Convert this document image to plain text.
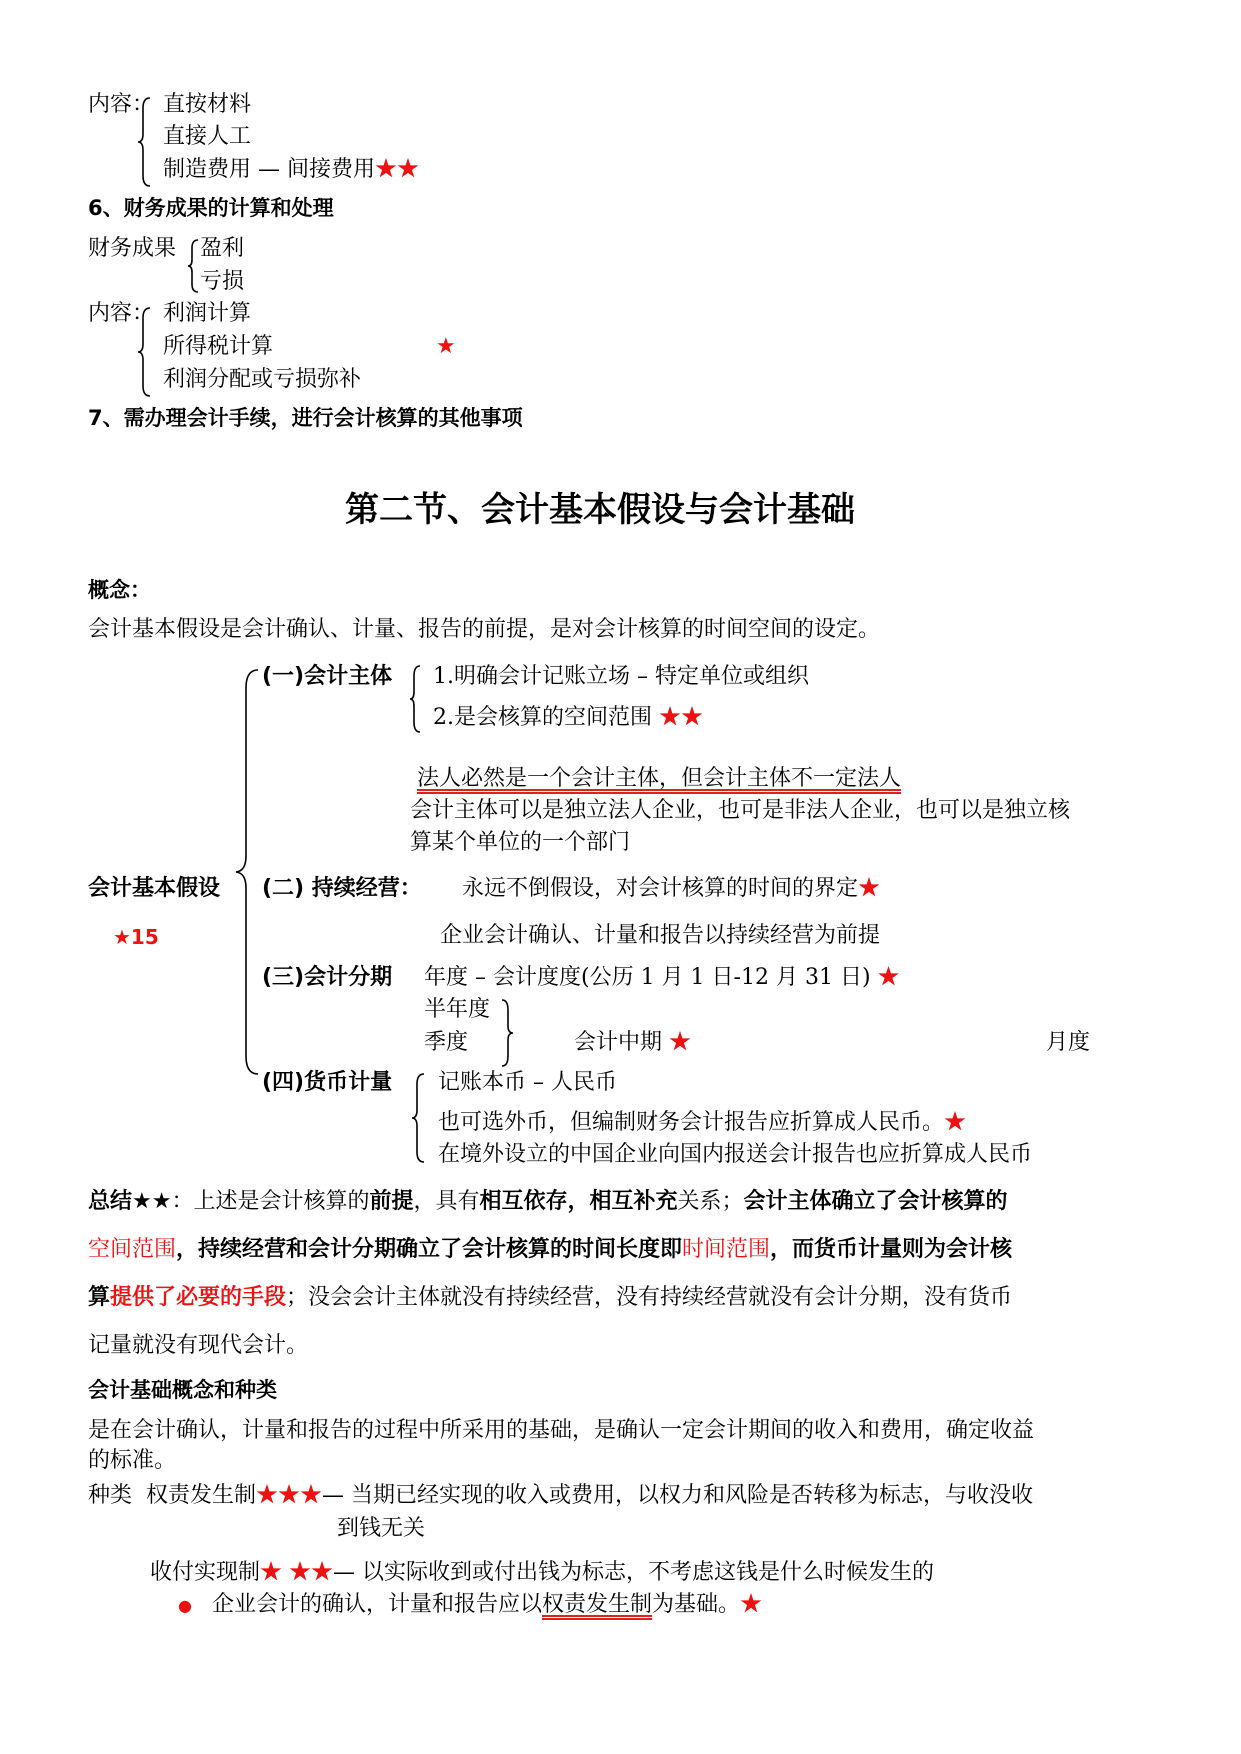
内容： 直按材料
直接人工
制造费用 — 间接费用★★
6、财务成果的计算和处理
财务成果 盈利
亏损
内容： 利润计算
所得税计算	★
利润分配或亏损弥补
7、需办理会计手续，进行会计核算的其他事项
第二节、会计基本假设与会计基础
概念：
会计基本假设是会计确认、计量、报告的前提，是对会计核算的时间空间的设定。
会计基本假设
★15
(一)会计主体 1.明确会计记账立场 – 特定单位或组织
2.是会核算的空间范围 ★★
法人必然是一个会计主体，但会计主体不一定法人
会计主体可以是独立法人企业，也可是非法人企业，也可以是独立核
算某个单位的一个部门
(二) 持续经营： 永远不倒假设，对会计核算的时间的界定★
企业会计确认、计量和报告以持续经营为前提
(三)会计分期 年度 – 会计度度(公历 1 月 1 日-12 月 31 日) ★
半年度
季度	会计中期 ★	月度
(四)货币计量 记账本币 – 人民币
也可选外币，但编制财务会计报告应折算成人民币。★
在境外设立的中国企业向国内报送会计报告也应折算成人民币
总结★★：上述是会计核算的前提，具有相互依存，相互补充关系；会计主体确立了会计核算的
空间范围，持续经营和会计分期确立了会计核算的时间长度即时间范围，而货币计量则为会计核
算提供了必要的手段；没会会计主体就没有持续经营，没有持续经营就没有会计分期，没有货币
记量就没有现代会计。
会计基础概念和种类
是在会计确认，计量和报告的过程中所采用的基础，是确认一定会计期间的收入和费用，确定收益
的标准。
种类 权责发生制★★★— 当期已经实现的收入或费用，以权力和风险是否转移为标志，与收没收
到钱无关
收付实现制★ ★★— 以实际收到或付出钱为标志，不考虑这钱是什么时候发生的
● 企业会计的确认，计量和报告应以权责发生制为基础。★
